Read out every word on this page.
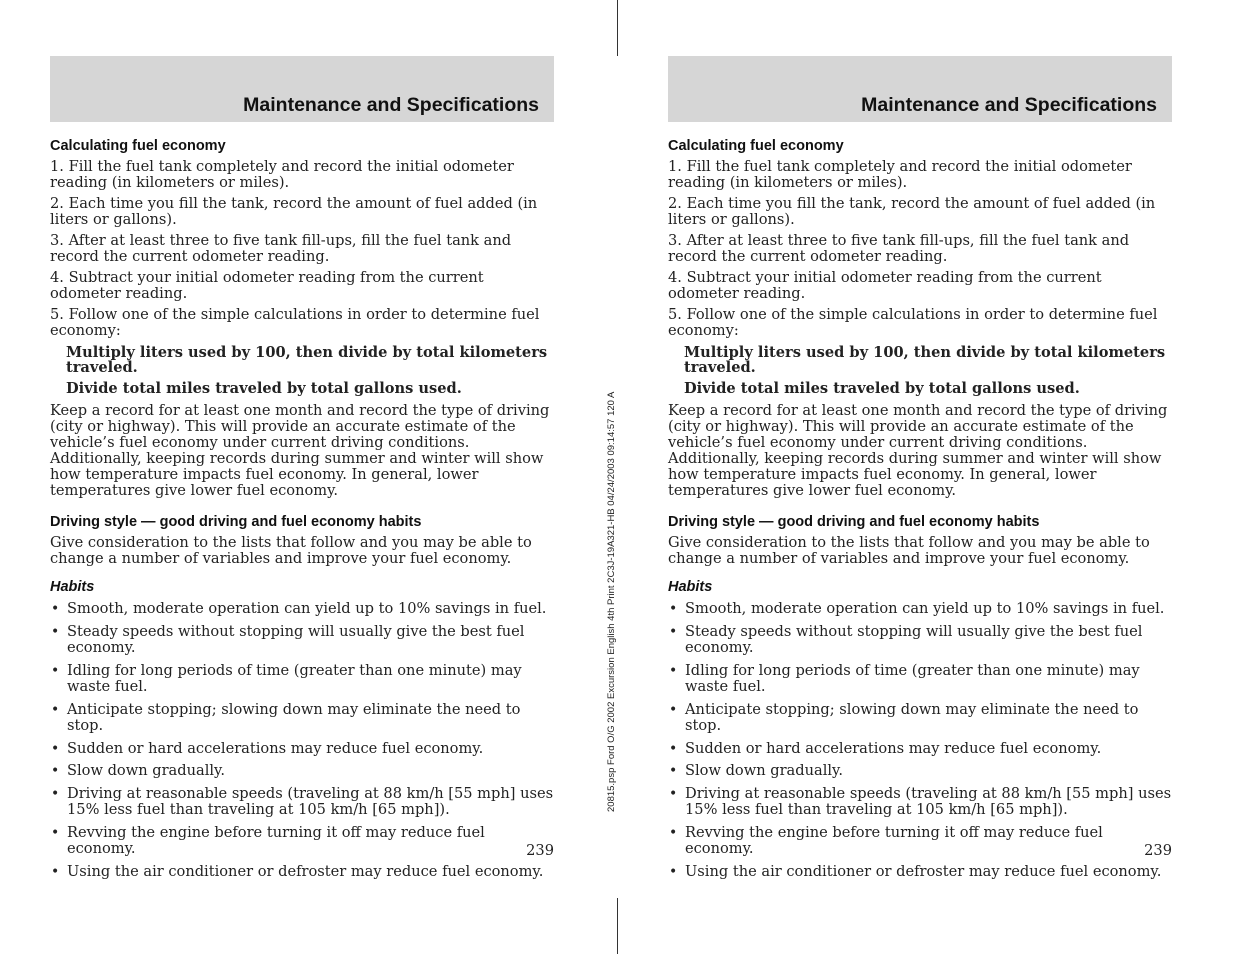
20815.psp Ford O/G 2002 Excursion English 4th Print 2C3J-19A321-HB 04/24/2003 09:14:57 120 A
Maintenance and Specifications
Calculating fuel economy

1. Fill the fuel tank completely and record the initial odometer reading (in kilometers or miles).

2. Each time you fill the tank, record the amount of fuel added (in liters or gallons).

3. After at least three to five tank fill-ups, fill the fuel tank and record the current odometer reading.

4. Subtract your initial odometer reading from the current odometer reading.

5. Follow one of the simple calculations in order to determine fuel economy:

Multiply liters used by 100, then divide by total kilometers traveled.

Divide total miles traveled by total gallons used.

Keep a record for at least one month and record the type of driving (city or highway). This will provide an accurate estimate of the vehicle’s fuel economy under current driving conditions. Additionally, keeping records during summer and winter will show how temperature impacts fuel economy. In general, lower temperatures give lower fuel economy.

Driving style — good driving and fuel economy habits

Give consideration to the lists that follow and you may be able to change a number of variables and improve your fuel economy.

Habits
• Smooth, moderate operation can yield up to 10% savings in fuel.
• Steady speeds without stopping will usually give the best fuel economy.
• Idling for long periods of time (greater than one minute) may waste fuel.
• Anticipate stopping; slowing down may eliminate the need to stop.
• Sudden or hard accelerations may reduce fuel economy.
• Slow down gradually.
• Driving at reasonable speeds (traveling at 88 km/h [55 mph] uses 15% less fuel than traveling at 105 km/h [65 mph]).
• Revving the engine before turning it off may reduce fuel economy.
• Using the air conditioner or defroster may reduce fuel economy.
239
Maintenance and Specifications
Calculating fuel economy

1. Fill the fuel tank completely and record the initial odometer reading (in kilometers or miles).

2. Each time you fill the tank, record the amount of fuel added (in liters or gallons).

3. After at least three to five tank fill-ups, fill the fuel tank and record the current odometer reading.

4. Subtract your initial odometer reading from the current odometer reading.

5. Follow one of the simple calculations in order to determine fuel economy:

Multiply liters used by 100, then divide by total kilometers traveled.

Divide total miles traveled by total gallons used.

Keep a record for at least one month and record the type of driving (city or highway). This will provide an accurate estimate of the vehicle’s fuel economy under current driving conditions. Additionally, keeping records during summer and winter will show how temperature impacts fuel economy. In general, lower temperatures give lower fuel economy.

Driving style — good driving and fuel economy habits

Give consideration to the lists that follow and you may be able to change a number of variables and improve your fuel economy.

Habits
• Smooth, moderate operation can yield up to 10% savings in fuel.
• Steady speeds without stopping will usually give the best fuel economy.
• Idling for long periods of time (greater than one minute) may waste fuel.
• Anticipate stopping; slowing down may eliminate the need to stop.
• Sudden or hard accelerations may reduce fuel economy.
• Slow down gradually.
• Driving at reasonable speeds (traveling at 88 km/h [55 mph] uses 15% less fuel than traveling at 105 km/h [65 mph]).
• Revving the engine before turning it off may reduce fuel economy.
• Using the air conditioner or defroster may reduce fuel economy.
239
